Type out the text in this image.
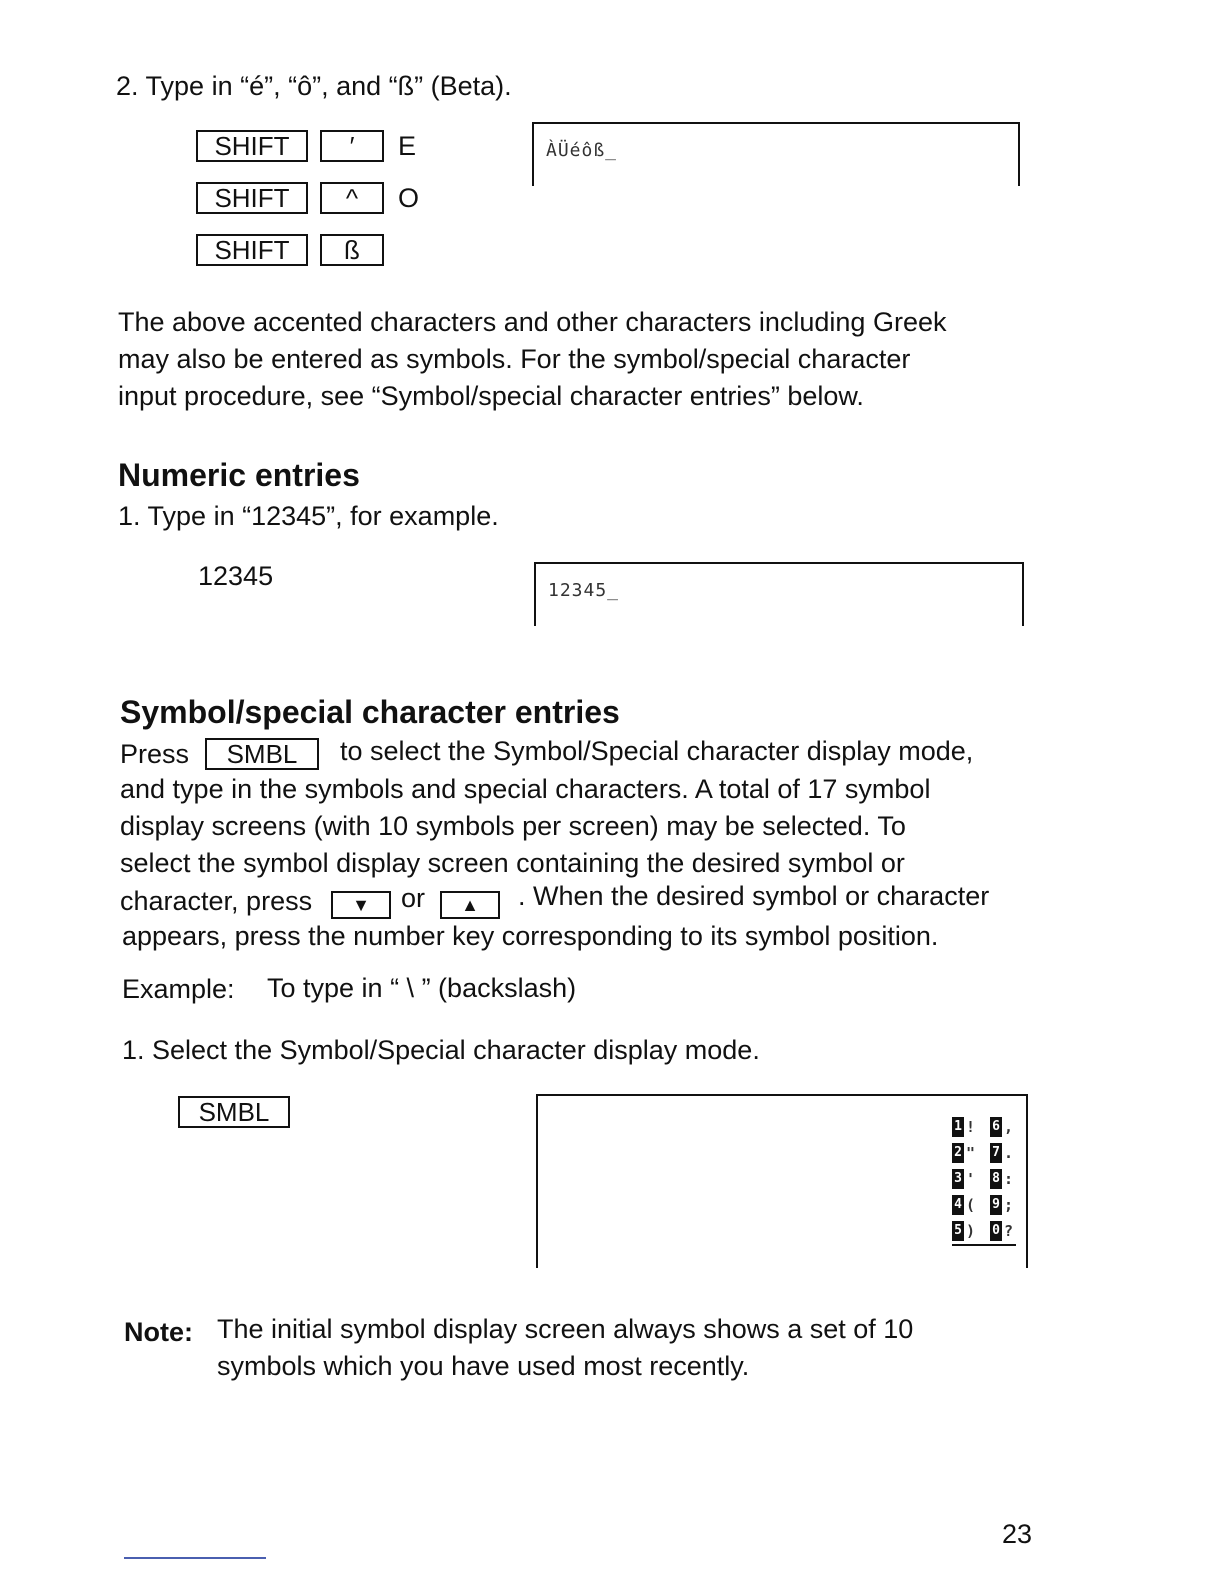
2. Type in “é”, “ô”, and “ß” (Beta).
SHIFT	′	E
SHIFT	^	O
SHIFT	ß
ÀÜéôß_
The above accented characters and other characters including Greek
may also be entered as symbols. For the symbol/special character
input procedure, see “Symbol/special character entries” below.
Numeric entries
1. Type in “12345”, for example.
12345	12345_
Symbol/special character entries
Press	SMBL	to select the Symbol/Special character display mode,
and type in the symbols and special characters. A total of 17 symbol
display screens (with 10 symbols per screen) may be selected. To
select the symbol display screen containing the desired symbol or
character, press	▼	or	▲	. When the desired symbol or character
appears, press the number key corresponding to its symbol position.
Example: To type in “ \ ” (backslash)
1. Select the Symbol/Special character display mode.
SMBL	1 ! 6 ,
2 " 7 .
3 ' 8 :
4 ( 9 ;
5 ) 0 ?
Note: The initial symbol display screen always shows a set of 10
symbols which you have used most recently.
23
